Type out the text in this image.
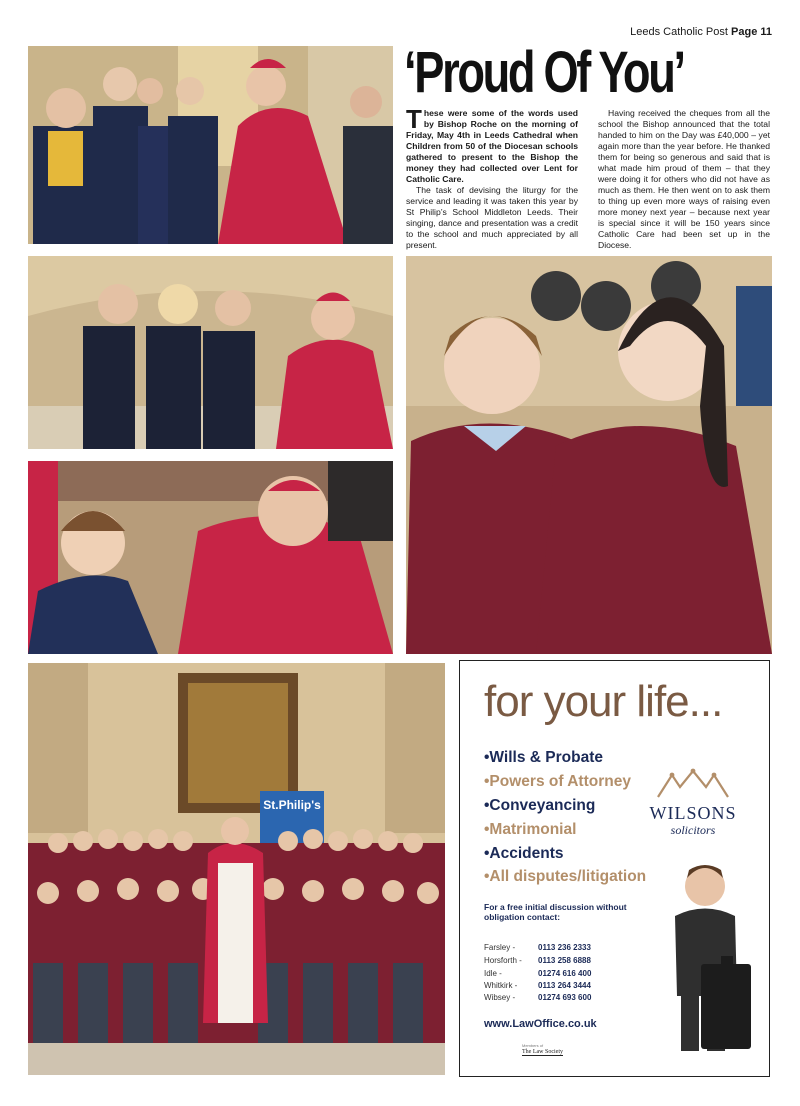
Leeds Catholic Post Page 11
‘Proud Of You’

These were some of the words used by Bishop Roche on the morning of Friday, May 4th in Leeds Cathedral when Children from 50 of the Diocesan schools gathered to present to the Bishop the money they had collected over Lent for Catholic Care.

The task of devising the liturgy for the service and leading it was taken this year by St Philip’s School Middleton Leeds. Their singing, dance and presentation was a credit to the school and much appreciated by all present.

Having received the cheques from all the school the Bishop announced that the total handed to him on the Day was £40,000 – yet again more than the year before. He thanked them for being so generous and said that is what made him proud of them – that they were doing it for others who did not have as much as them. He then went on to ask them to thing up even more ways of raising even more money next year – because next year is special since it will be 150 years since Catholic Care had been set up in the Diocese.

St.Philip's
for your life...
•Wills & Probate
•Powers of Attorney
•Conveyancing
•Matrimonial
•Accidents
•All disputes/litigation
WILSONS
solicitors
For a free initial discussion without obligation contact:
Farsley -	0113 236 2333
Horsforth -	0113 258 6888
Idle -	01274 616 400
Whitkirk -	0113 264 3444
Wibsey -	01274 693 600
www.LawOffice.co.uk
Members of
The Law Society
